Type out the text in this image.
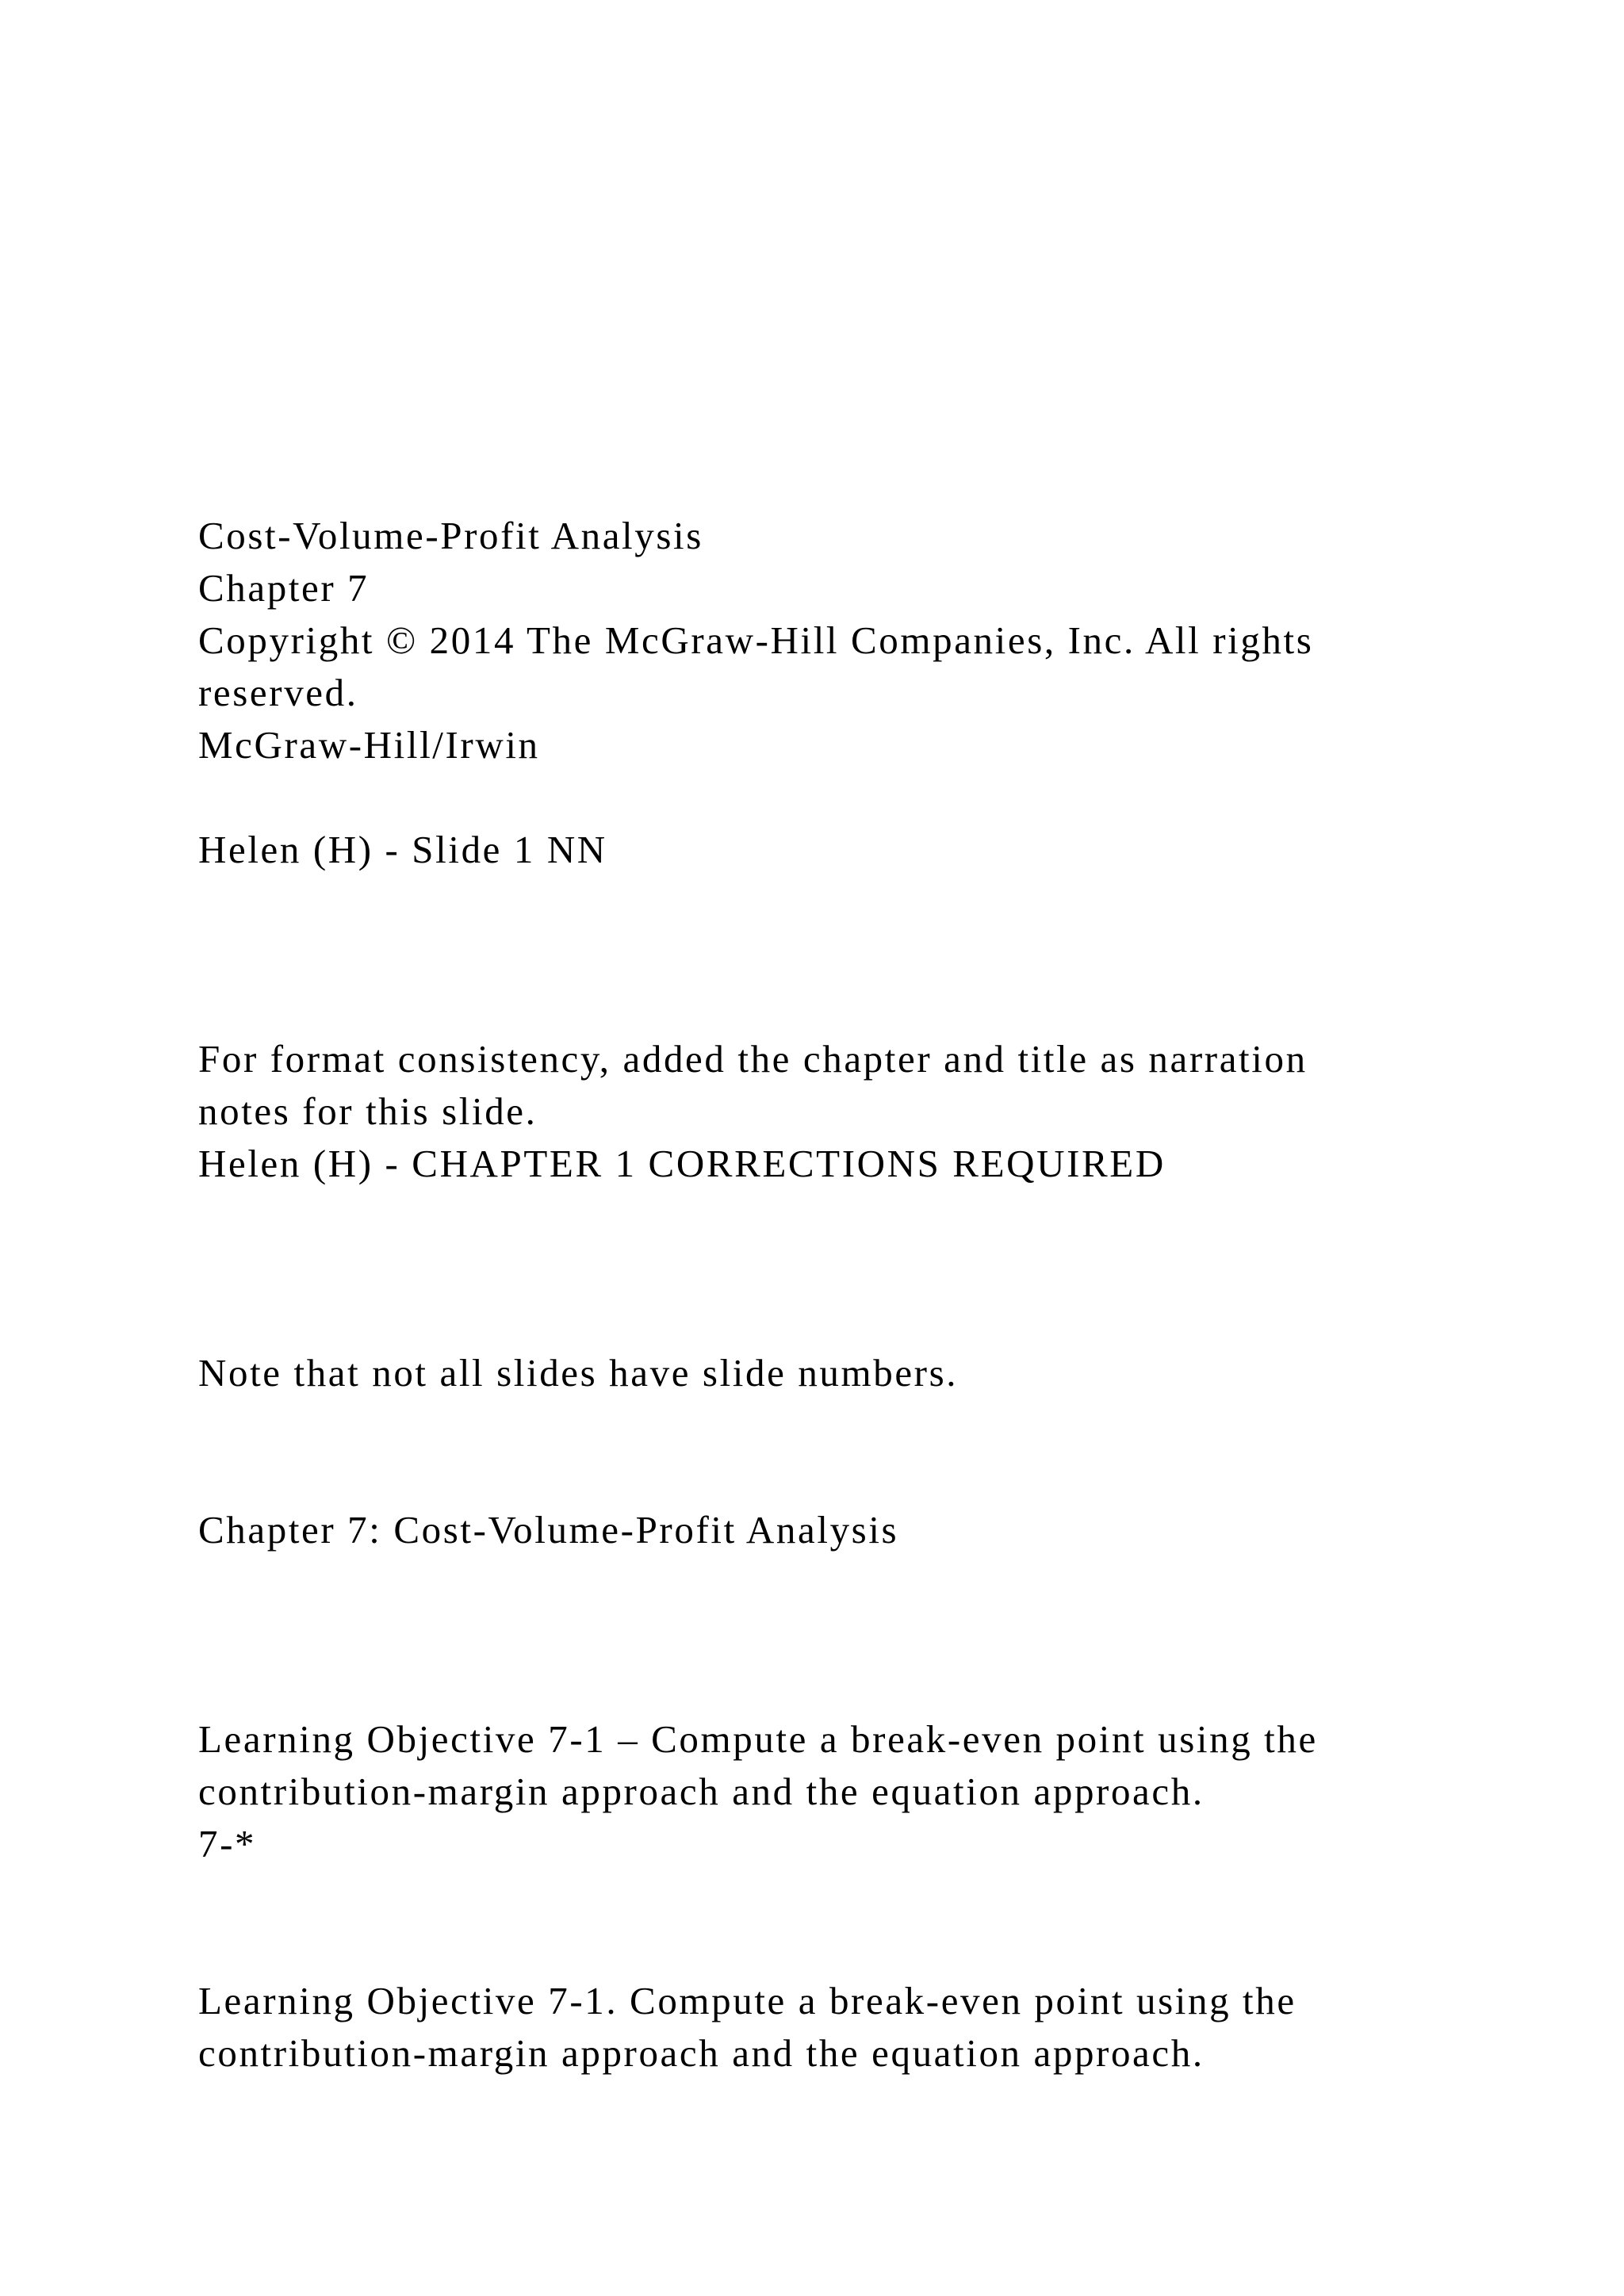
Cost-Volume-Profit Analysis

Chapter 7

Copyright © 2014 The McGraw-Hill Companies, Inc. All rights

reserved.

McGraw-Hill/Irwin

Helen (H) - Slide 1 NN

For format consistency, added the chapter and title as narration

notes for this slide.

Helen (H) - CHAPTER 1 CORRECTIONS REQUIRED

Note that not all slides have slide numbers.

Chapter 7: Cost-Volume-Profit Analysis

Learning Objective 7-1 – Compute a break-even point using the

contribution-margin approach and the equation approach.

7-*

Learning Objective 7-1. Compute a break-even point using the

contribution-margin approach and the equation approach.
